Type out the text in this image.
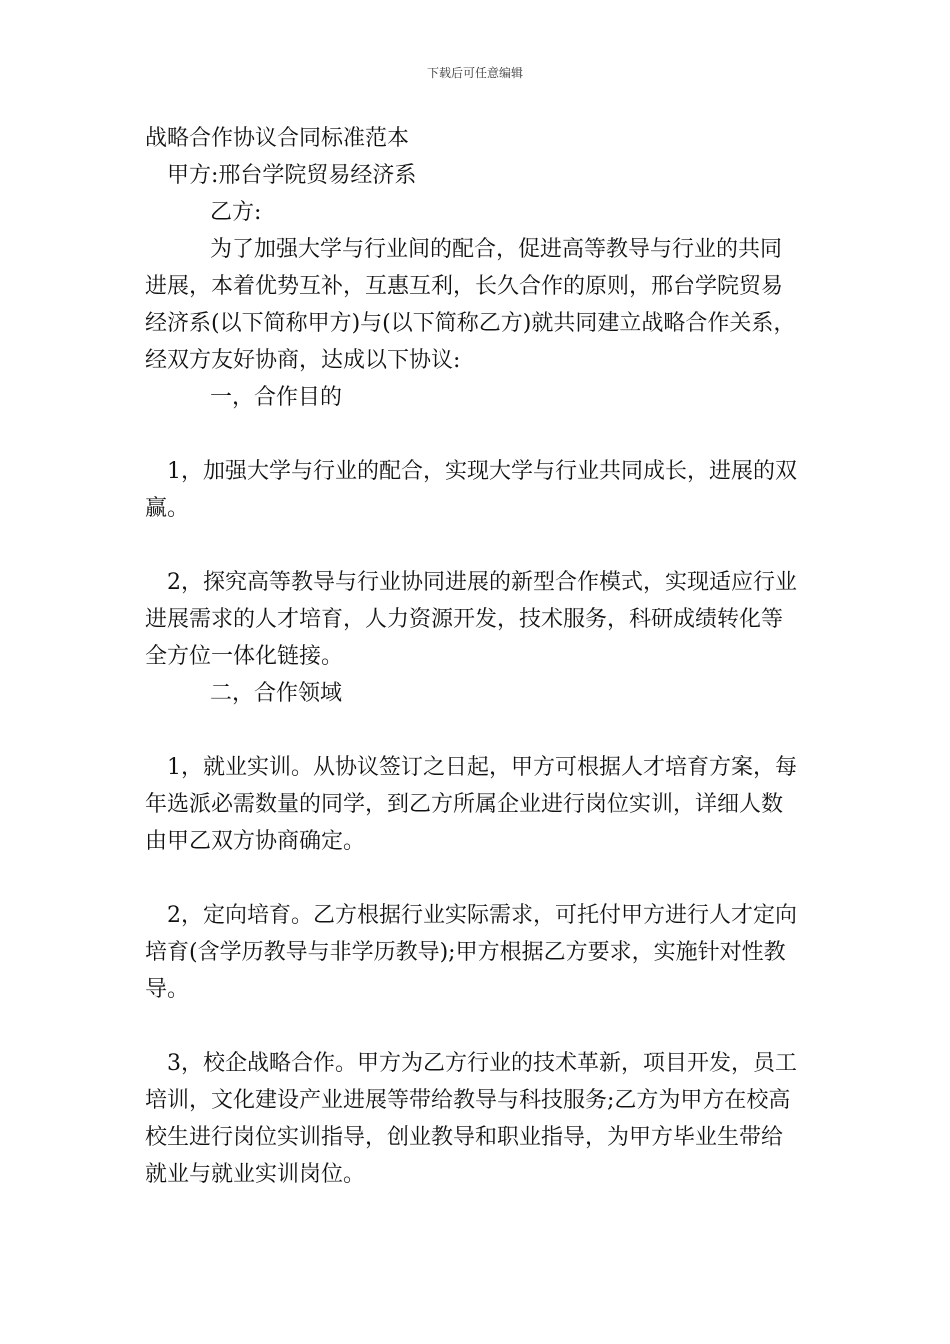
下载后可任意编辑
战略合作协议合同标准范本
甲方:邢台学院贸易经济系
乙方:
为了加强大学与行业间的配合，促进高等教导与行业的共同
进展，本着优势互补，互惠互利，长久合作的原则，邢台学院贸易
经济系(以下简称甲方)与(以下简称乙方)就共同建立战略合作关系，
经双方友好协商，达成以下协议:
一，合作目的
1，加强大学与行业的配合，实现大学与行业共同成长，进展的双
赢。
2，探究高等教导与行业协同进展的新型合作模式，实现适应行业
进展需求的人才培育，人力资源开发，技术服务，科研成绩转化等
全方位一体化链接。
二，合作领域
1，就业实训。从协议签订之日起，甲方可根据人才培育方案，每
年选派必需数量的同学，到乙方所属企业进行岗位实训，详细人数
由甲乙双方协商确定。
2，定向培育。乙方根据行业实际需求，可托付甲方进行人才定向
培育(含学历教导与非学历教导);甲方根据乙方要求，实施针对性教
导。
3，校企战略合作。甲方为乙方行业的技术革新，项目开发，员工
培训，文化建设产业进展等带给教导与科技服务;乙方为甲方在校高
校生进行岗位实训指导，创业教导和职业指导，为甲方毕业生带给
就业与就业实训岗位。
